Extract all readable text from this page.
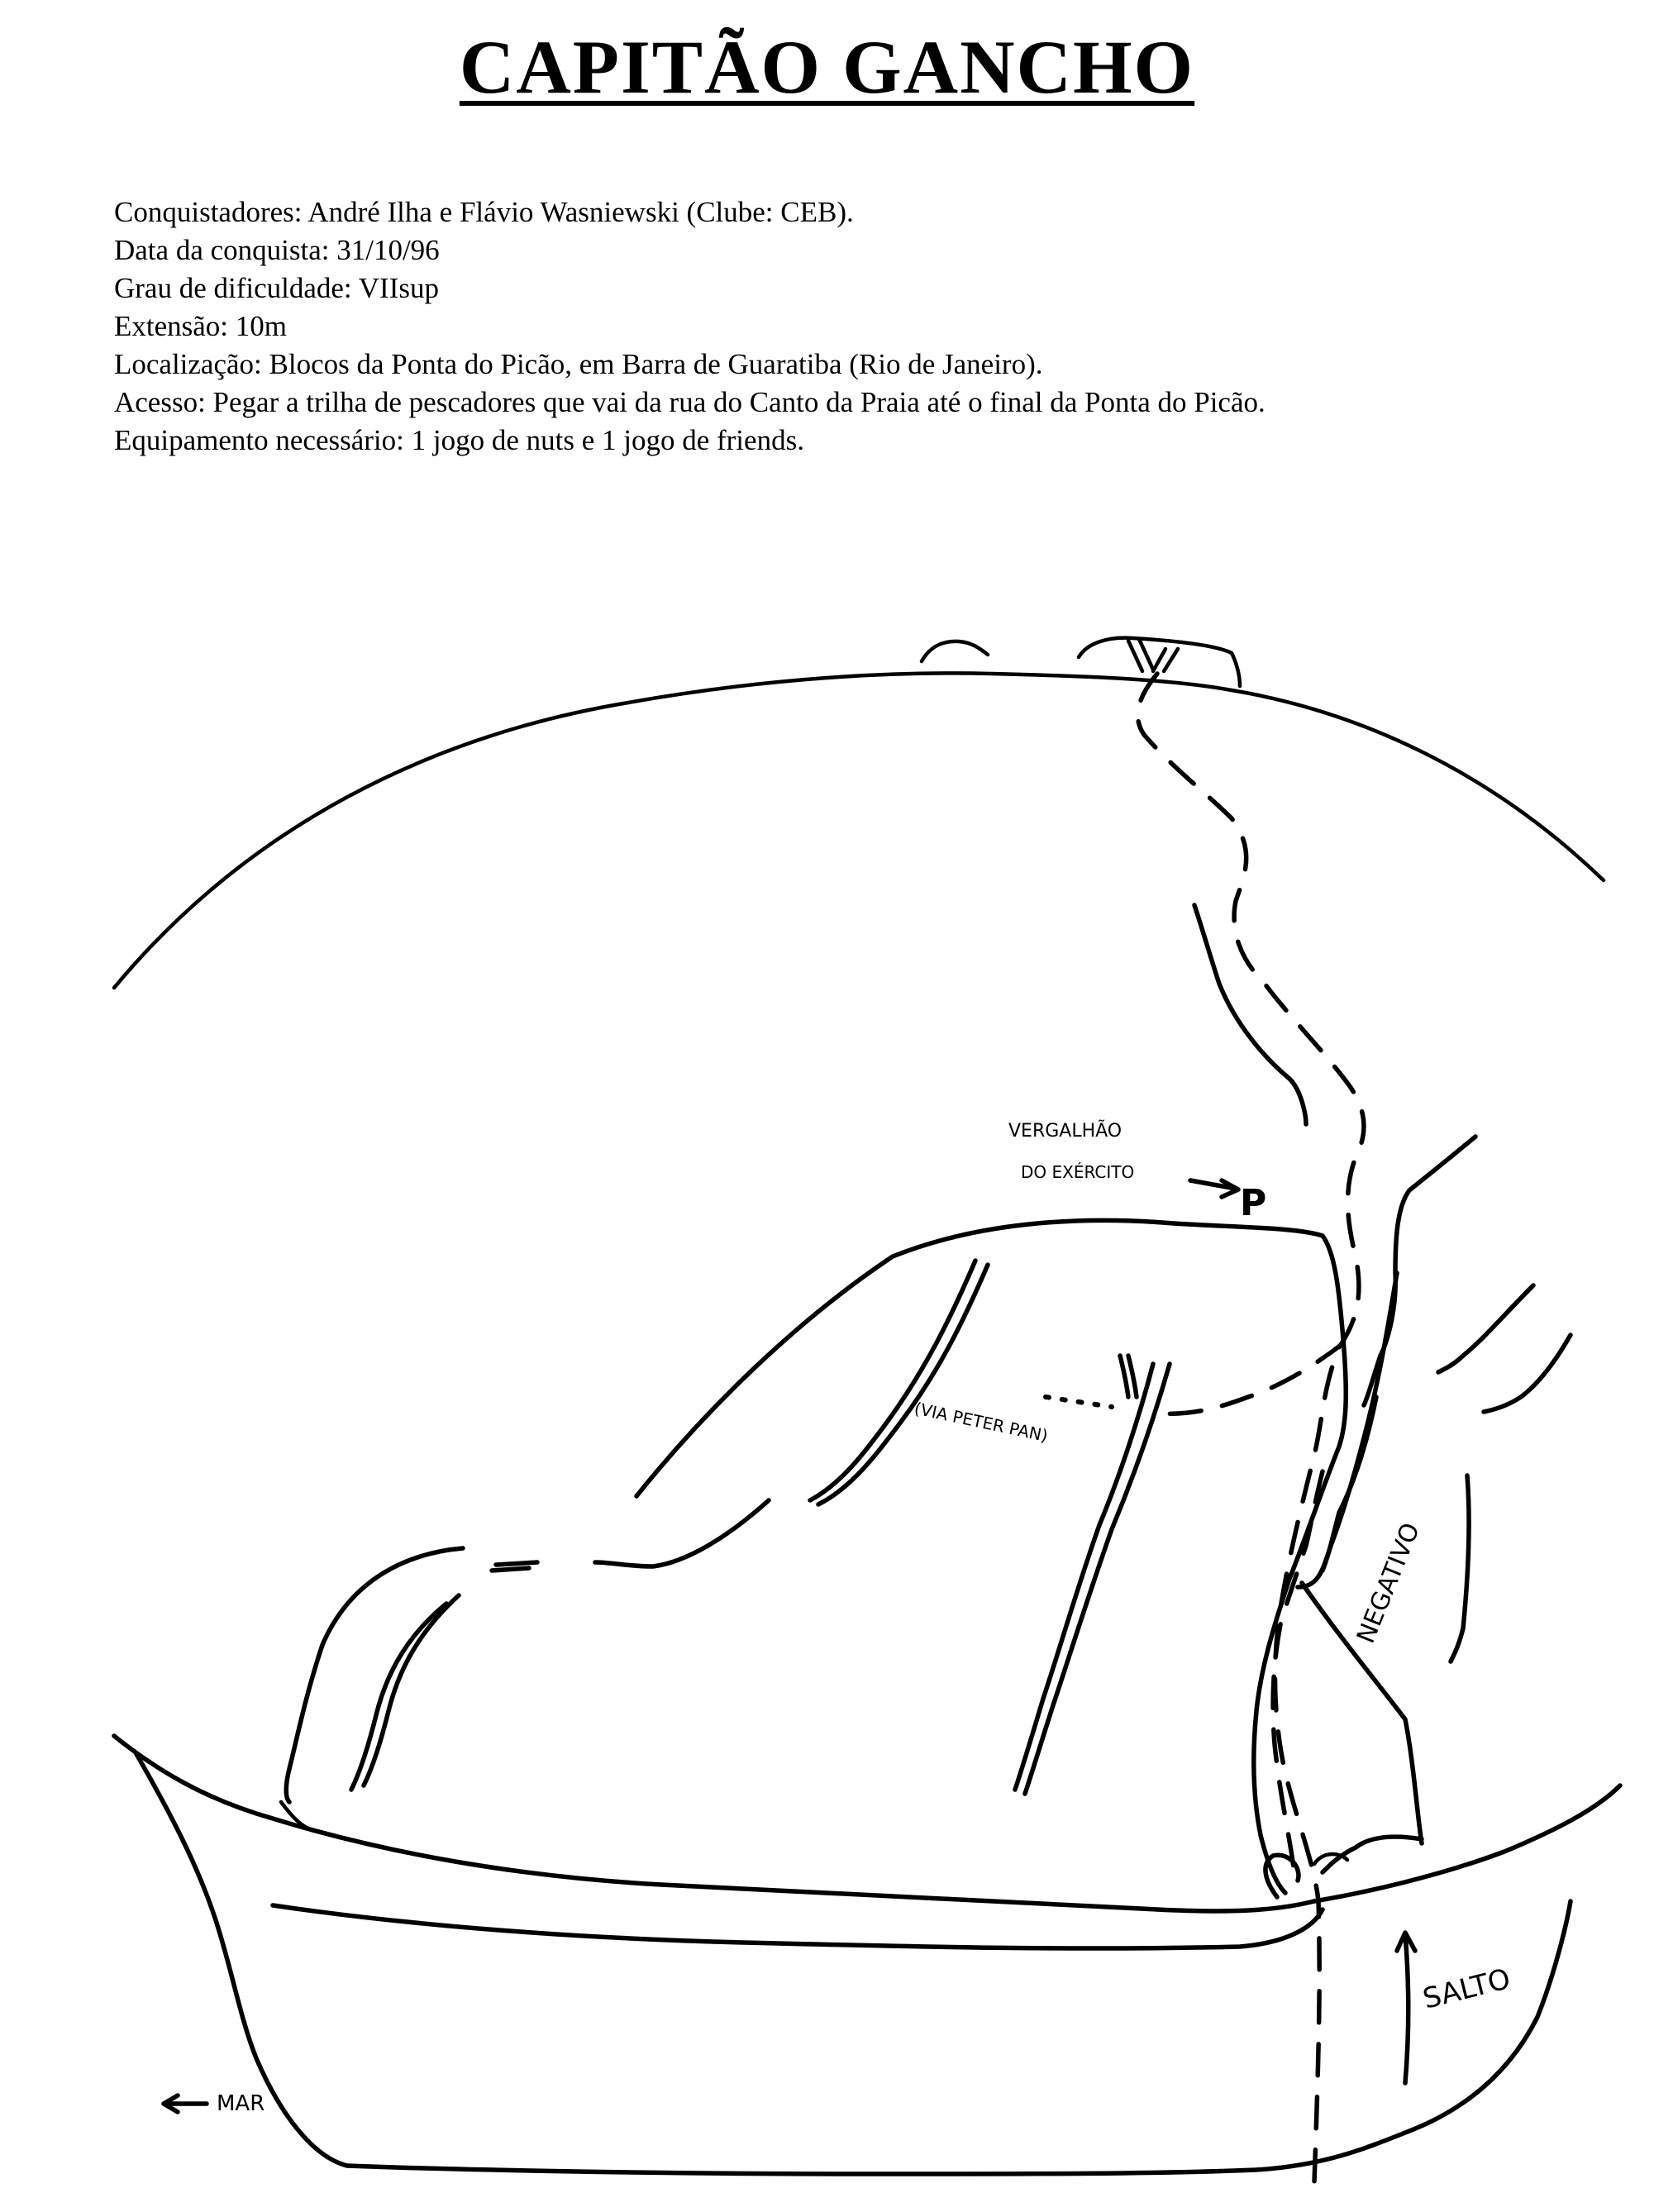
CAPITÃO GANCHO
Conquistadores: André Ilha e Flávio Wasniewski (Clube: CEB).
Data da conquista: 31/10/96
Grau de dificuldade: VIIsup
Extensão: 10m
Localização: Blocos da Ponta do Picão, em Barra de Guaratiba (Rio de Janeiro).
Acesso: Pegar a trilha de pescadores que vai da rua do Canto da Praia até o final da Ponta do Picão.
Equipamento necessário: 1 jogo de nuts e 1 jogo de friends.
VERGALHÃO
DO EXÉRCITO
P
(VIA PETER PAN)
NEGATIVO
SALTO
MAR
